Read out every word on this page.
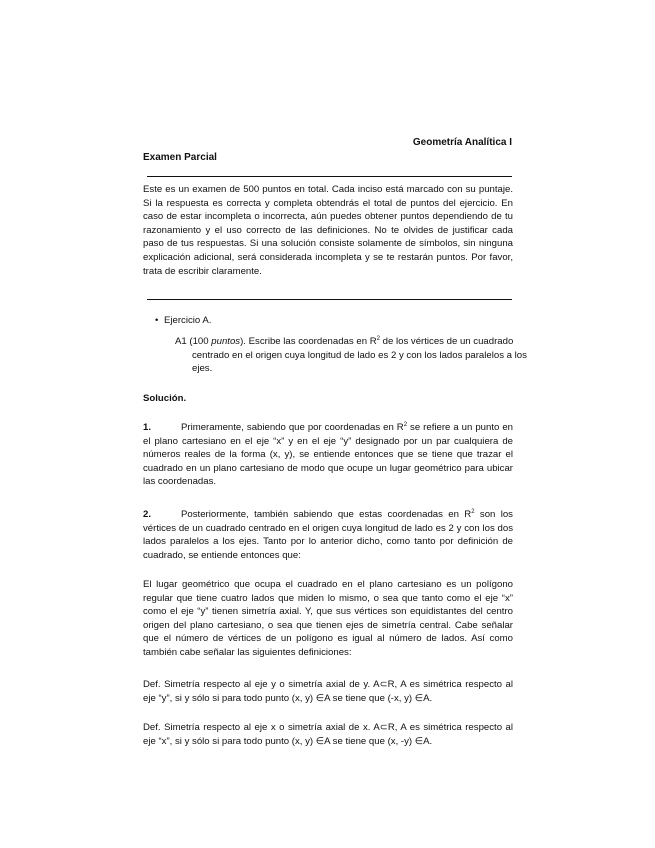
Geometría Analítica I
Examen Parcial
Este es un examen de 500 puntos en total. Cada inciso está marcado con su puntaje. Si la respuesta es correcta y completa obtendrás el total de puntos del ejercicio. En caso de estar incompleta o incorrecta, aún puedes obtener puntos dependiendo de tu razonamiento y el uso correcto de las definiciones. No te olvides de justificar cada paso de tus respuestas. Si una solución consiste solamente de símbolos, sin ninguna explicación adicional, será considerada incompleta y se te restarán puntos. Por favor, trata de escribir claramente.
• Ejercicio A.
A1 (100 puntos). Escribe las coordenadas en $R^2$ de los vértices de un cuadrado centrado en el origen cuya longitud de lado es 2 y con los lados paralelos a los ejes.
Solución.
1.	Primeramente, sabiendo que por coordenadas en $R^2$ se refiere a un punto en el plano cartesiano en el eje “x” y en el eje “y” designado por un par cualquiera de números reales de la forma (x, y), se entiende entonces que se tiene que trazar el cuadrado en un plano cartesiano de modo que ocupe un lugar geométrico para ubicar las coordenadas.
2.	Posteriormente, también sabiendo que estas coordenadas en $R^2$ son los vértices de un cuadrado centrado en el origen cuya longitud de lado es 2 y con los dos lados paralelos a los ejes. Tanto por lo anterior dicho, como tanto por definición de cuadrado, se entiende entonces que:
El lugar geométrico que ocupa el cuadrado en el plano cartesiano es un polígono regular que tiene cuatro lados que miden lo mismo, o sea que tanto como el eje “x” como el eje “y” tienen simetría axial. Y, que sus vértices son equidistantes del centro origen del plano cartesiano, o sea que tienen ejes de simetría central. Cabe señalar que el número de vértices de un polígono es igual al número de lados. Así como también cabe señalar las siguientes definiciones:
Def. Simetría respecto al eje y o simetría axial de y. A⊂R, A es simétrica respecto al eje “y”, si y sólo si para todo punto (x, y) ∈A se tiene que (-x, y) ∈A.
Def. Simetría respecto al eje x o simetría axial de x. A⊂R, A es simétrica respecto al eje “x”, si y sólo si para todo punto (x, y) ∈A se tiene que (x, -y) ∈A.
